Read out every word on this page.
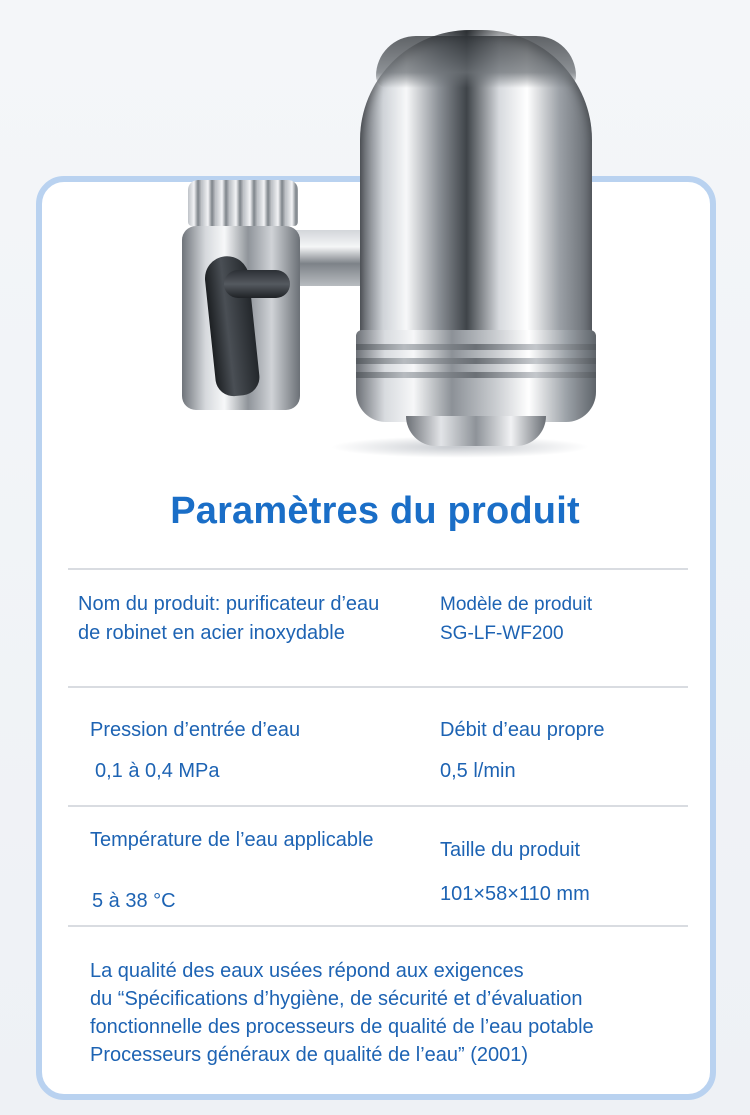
Paramètres du produit
Nom du produit: purificateur d’eau
de robinet en acier inoxydable
Modèle de produit
SG-LF-WF200
Pression d’entrée d’eau
0,1 à 0,4 MPa
Débit d’eau propre
0,5 l/min
Température de l’eau applicable
5 à 38 °C
Taille du produit
101×58×110 mm
La qualité des eaux usées répond aux exigences
du “Spécifications d’hygiène, de sécurité et d’évaluation
fonctionnelle des processeurs de qualité de l’eau potable
Processeurs généraux de qualité de l’eau” (2001)
